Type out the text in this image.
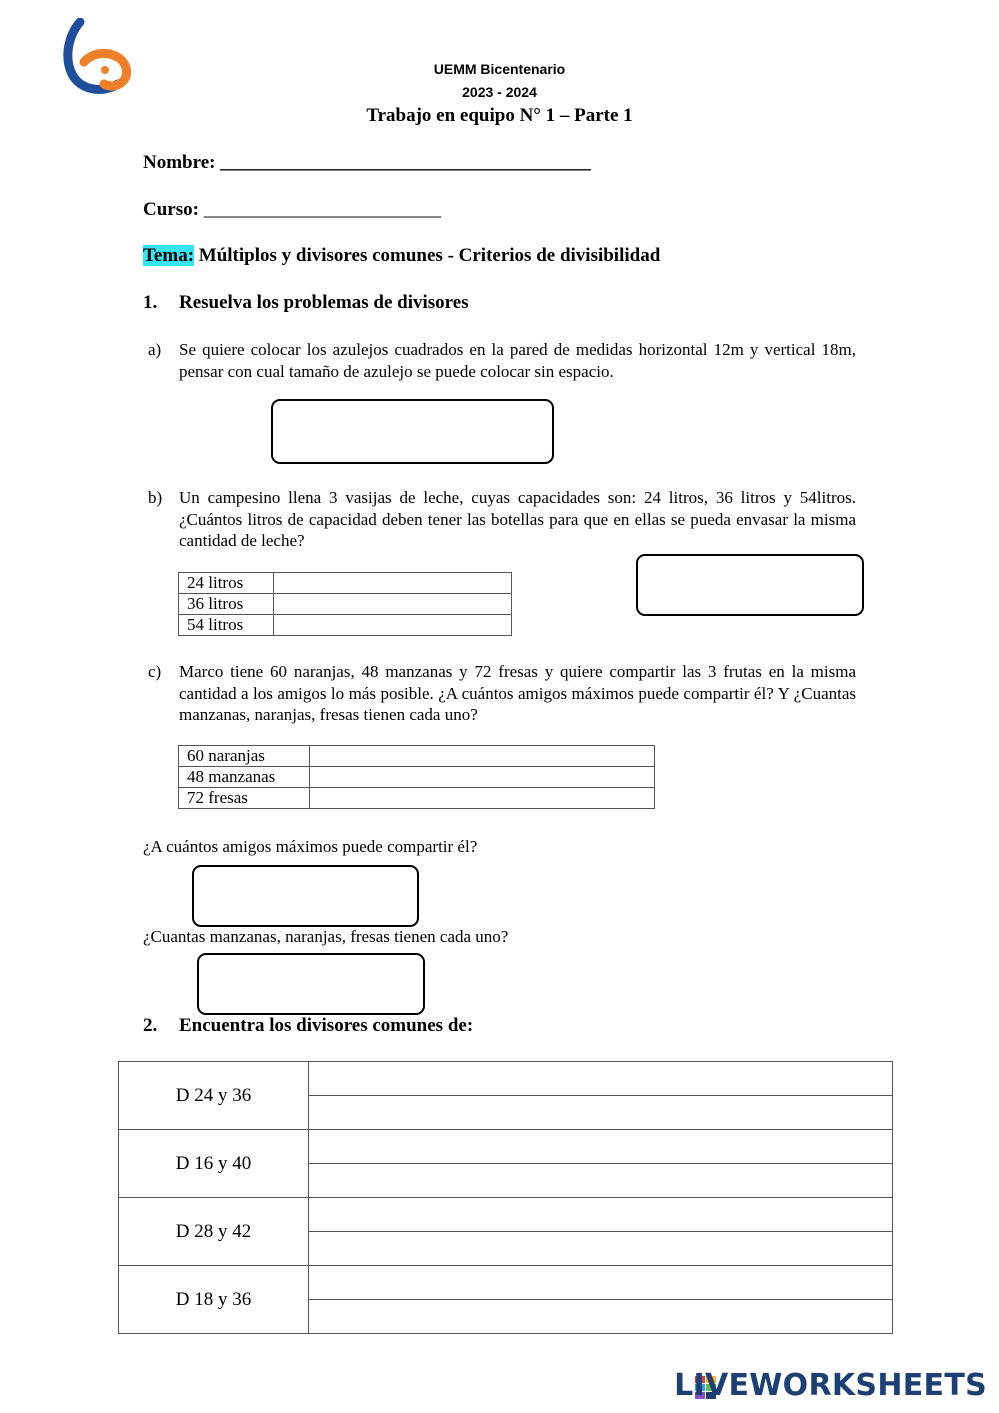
UEMM Bicentenario
2023 - 2024
Trabajo en equipo N° 1 – Parte 1
Nombre: _______________________________________
Curso: _________________________
Tema: Múltiplos y divisores comunes - Criterios de divisibilidad
1. Resuelva los problemas de divisores
a) Se quiere colocar los azulejos cuadrados en la pared de medidas horizontal 12m y vertical 18m, pensar con cual tamaño de azulejo se puede colocar sin espacio.
b) Un campesino llena 3 vasijas de leche, cuyas capacidades son: 24 litros, 36 litros y 54litros. ¿Cuántos litros de capacidad deben tener las botellas para que en ellas se pueda envasar la misma cantidad de leche?
24 litros	
36 litros	
54 litros	
c) Marco tiene 60 naranjas, 48 manzanas y 72 fresas y quiere compartir las 3 frutas en la misma cantidad a los amigos lo más posible. ¿A cuántos amigos máximos puede compartir él? Y ¿Cuantas manzanas, naranjas, fresas tienen cada uno?
60 naranjas	
48 manzanas	
72 fresas	
¿A cuántos amigos máximos puede compartir él?
¿Cuantas manzanas, naranjas, fresas tienen cada uno?
2. Encuentra los divisores comunes de:
D 24 y 36	

D 16 y 40	

D 28 y 42	

D 18 y 36	

LIVEWORKSHEETS
